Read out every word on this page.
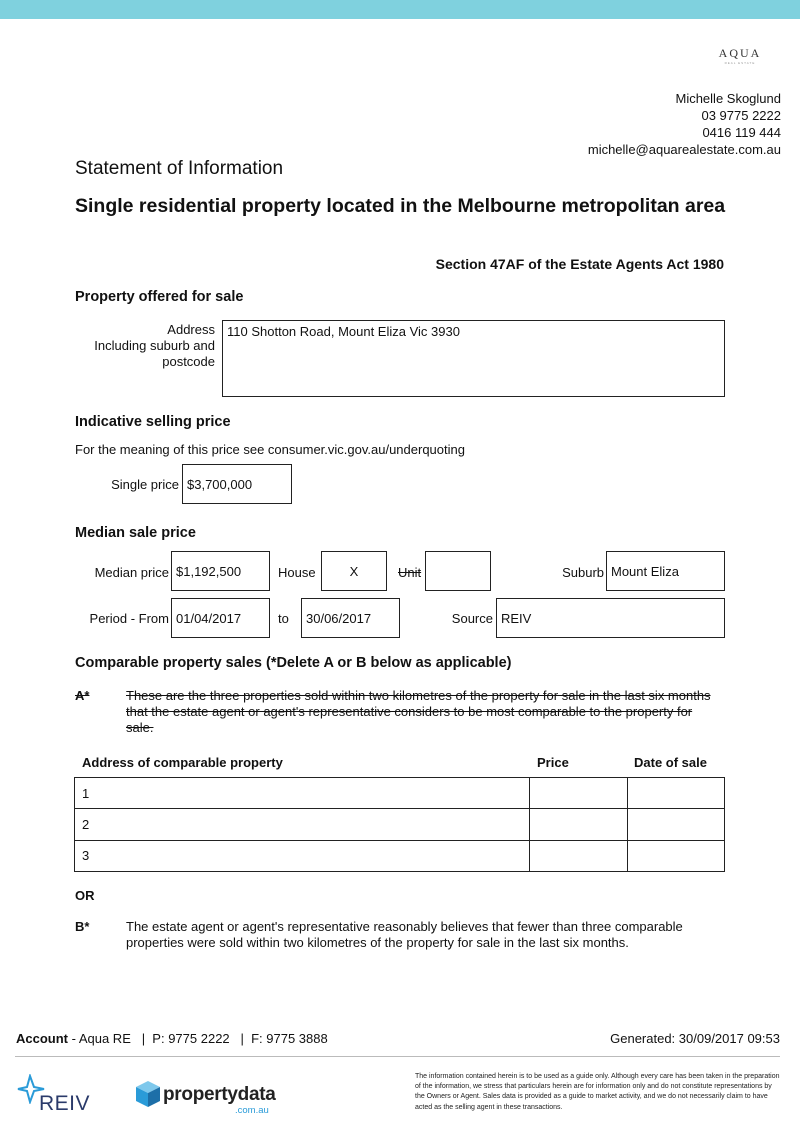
AQUA
REAL ESTATE
Michelle Skoglund
03 9775 2222
0416 119 444
michelle@aquarealestate.com.au
Statement of Information
Single residential property located in the Melbourne metropolitan area
Section 47AF of the Estate Agents Act 1980
Property offered for sale
Address
Including suburb and
postcode
110 Shotton Road, Mount Eliza Vic 3930
Indicative selling price
For the meaning of this price see consumer.vic.gov.au/underquoting
Single price $3,700,000
Median sale price
Median price $1,192,500	House	X	Unit	Suburb Mount Eliza
Period - From 01/04/2017	to	30/06/2017	Source REIV
Comparable property sales (*Delete A or B below as applicable)
A*	These are the three properties sold within two kilometres of the property for sale in the last six months that the estate agent or agent's representative considers to be most comparable to the property for sale.
Address of comparable property	Price	Date of sale
1		
2		
3		
OR
B*	The estate agent or agent's representative reasonably believes that fewer than three comparable properties were sold within two kilometres of the property for sale in the last six months.
Account - Aqua RE   |  P: 9775 2222   |  F: 9775 3888	Generated: 30/09/2017 09:53
REIV	propertydata
.com.au
The information contained herein is to be used as a guide only. Although every care has been taken in the preparation of the information, we stress that particulars herein are for information only and do not constitute representations by the Owners or Agent. Sales data is provided as a guide to market activity, and we do not necessarily claim to have acted as the selling agent in these transactions.
